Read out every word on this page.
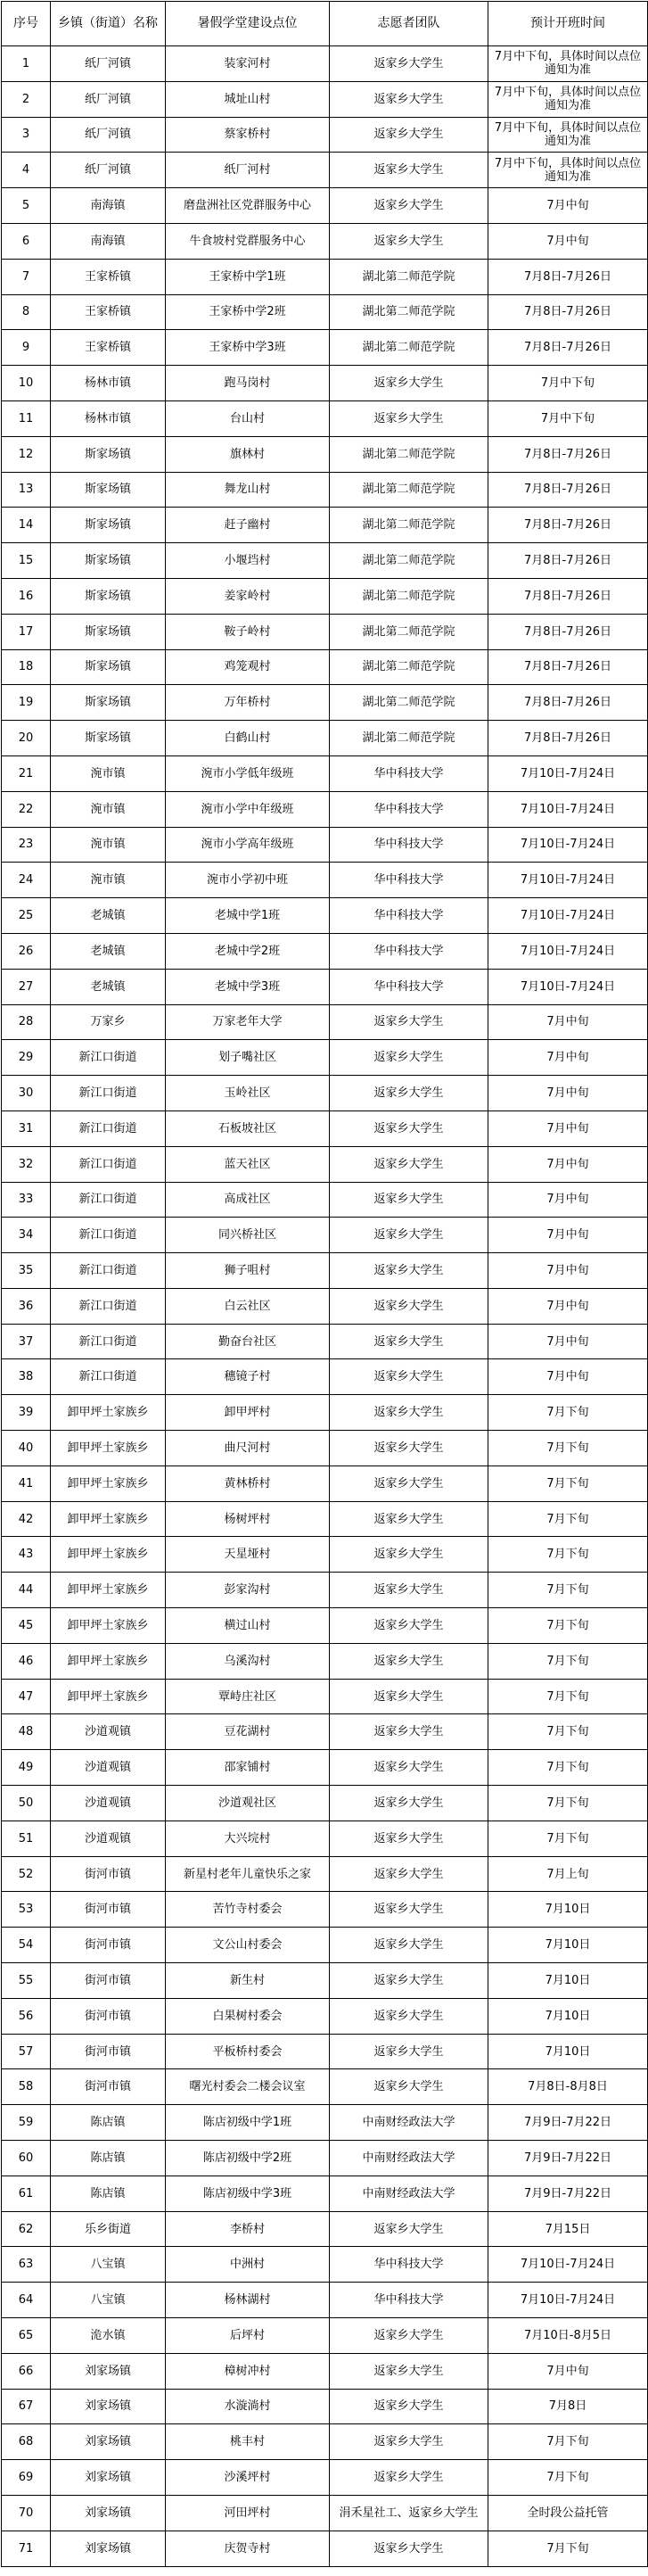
序号	乡镇（街道）名称	暑假学堂建设点位	志愿者团队	预计开班时间
1	纸厂河镇	装家河村	返家乡大学生	7月中下旬，具体时间以点位通知为准
2	纸厂河镇	城址山村	返家乡大学生	7月中下旬，具体时间以点位通知为准
3	纸厂河镇	蔡家桥村	返家乡大学生	7月中下旬，具体时间以点位通知为准
4	纸厂河镇	纸厂河村	返家乡大学生	7月中下旬，具体时间以点位通知为准
5	南海镇	磨盘洲社区党群服务中心	返家乡大学生	7月中旬
6	南海镇	牛食坡村党群服务中心	返家乡大学生	7月中旬
7	王家桥镇	王家桥中学1班	湖北第二师范学院	7月8日-7月26日
8	王家桥镇	王家桥中学2班	湖北第二师范学院	7月8日-7月26日
9	王家桥镇	王家桥中学3班	湖北第二师范学院	7月8日-7月26日
10	杨林市镇	跑马岗村	返家乡大学生	7月中下旬
11	杨林市镇	台山村	返家乡大学生	7月中下旬
12	斯家场镇	旗林村	湖北第二师范学院	7月8日-7月26日
13	斯家场镇	舞龙山村	湖北第二师范学院	7月8日-7月26日
14	斯家场镇	赶子幽村	湖北第二师范学院	7月8日-7月26日
15	斯家场镇	小堰垱村	湖北第二师范学院	7月8日-7月26日
16	斯家场镇	姜家岭村	湖北第二师范学院	7月8日-7月26日
17	斯家场镇	鞍子岭村	湖北第二师范学院	7月8日-7月26日
18	斯家场镇	鸡笼观村	湖北第二师范学院	7月8日-7月26日
19	斯家场镇	万年桥村	湖北第二师范学院	7月8日-7月26日
20	斯家场镇	白鹤山村	湖北第二师范学院	7月8日-7月26日
21	涴市镇	涴市小学低年级班	华中科技大学	7月10日-7月24日
22	涴市镇	涴市小学中年级班	华中科技大学	7月10日-7月24日
23	涴市镇	涴市小学高年级班	华中科技大学	7月10日-7月24日
24	涴市镇	涴市小学初中班	华中科技大学	7月10日-7月24日
25	老城镇	老城中学1班	华中科技大学	7月10日-7月24日
26	老城镇	老城中学2班	华中科技大学	7月10日-7月24日
27	老城镇	老城中学3班	华中科技大学	7月10日-7月24日
28	万家乡	万家老年大学	返家乡大学生	7月中旬
29	新江口街道	划子嘴社区	返家乡大学生	7月中旬
30	新江口街道	玉岭社区	返家乡大学生	7月中旬
31	新江口街道	石板坡社区	返家乡大学生	7月中旬
32	新江口街道	蓝天社区	返家乡大学生	7月中旬
33	新江口街道	高成社区	返家乡大学生	7月中旬
34	新江口街道	同兴桥社区	返家乡大学生	7月中旬
35	新江口街道	狮子咀村	返家乡大学生	7月中旬
36	新江口街道	白云社区	返家乡大学生	7月中旬
37	新江口街道	勤奋台社区	返家乡大学生	7月中旬
38	新江口街道	穗镜子村	返家乡大学生	7月中旬
39	卸甲坪土家族乡	卸甲坪村	返家乡大学生	7月下旬
40	卸甲坪土家族乡	曲尺河村	返家乡大学生	7月下旬
41	卸甲坪土家族乡	黄林桥村	返家乡大学生	7月下旬
42	卸甲坪土家族乡	杨树坪村	返家乡大学生	7月下旬
43	卸甲坪土家族乡	天星垭村	返家乡大学生	7月下旬
44	卸甲坪土家族乡	彭家沟村	返家乡大学生	7月下旬
45	卸甲坪土家族乡	横过山村	返家乡大学生	7月下旬
46	卸甲坪土家族乡	乌溪沟村	返家乡大学生	7月下旬
47	卸甲坪土家族乡	覃峙庄社区	返家乡大学生	7月下旬
48	沙道观镇	豆花湖村	返家乡大学生	7月下旬
49	沙道观镇	邵家铺村	返家乡大学生	7月下旬
50	沙道观镇	沙道观社区	返家乡大学生	7月下旬
51	沙道观镇	大兴垸村	返家乡大学生	7月下旬
52	街河市镇	新星村老年儿童快乐之家	返家乡大学生	7月上旬
53	街河市镇	苦竹寺村委会	返家乡大学生	7月10日
54	街河市镇	文公山村委会	返家乡大学生	7月10日
55	街河市镇	新生村	返家乡大学生	7月10日
56	街河市镇	白果树村委会	返家乡大学生	7月10日
57	街河市镇	平板桥村委会	返家乡大学生	7月10日
58	街河市镇	曙光村委会二楼会议室	返家乡大学生	7月8日-8月8日
59	陈店镇	陈店初级中学1班	中南财经政法大学	7月9日-7月22日
60	陈店镇	陈店初级中学2班	中南财经政法大学	7月9日-7月22日
61	陈店镇	陈店初级中学3班	中南财经政法大学	7月9日-7月22日
62	乐乡街道	李桥村	返家乡大学生	7月15日
63	八宝镇	中洲村	华中科技大学	7月10日-7月24日
64	八宝镇	杨林湖村	华中科技大学	7月10日-7月24日
65	洈水镇	后坪村	返家乡大学生	7月10日-8月5日
66	刘家场镇	樟树冲村	返家乡大学生	7月中旬
67	刘家场镇	水漩淌村	返家乡大学生	7月8日
68	刘家场镇	桃丰村	返家乡大学生	7月下旬
69	刘家场镇	沙溪坪村	返家乡大学生	7月下旬
70	刘家场镇	河田坪村	涓禾星社工、返家乡大学生	全时段公益托管
71	刘家场镇	庆贺寺村	返家乡大学生	7月下旬
